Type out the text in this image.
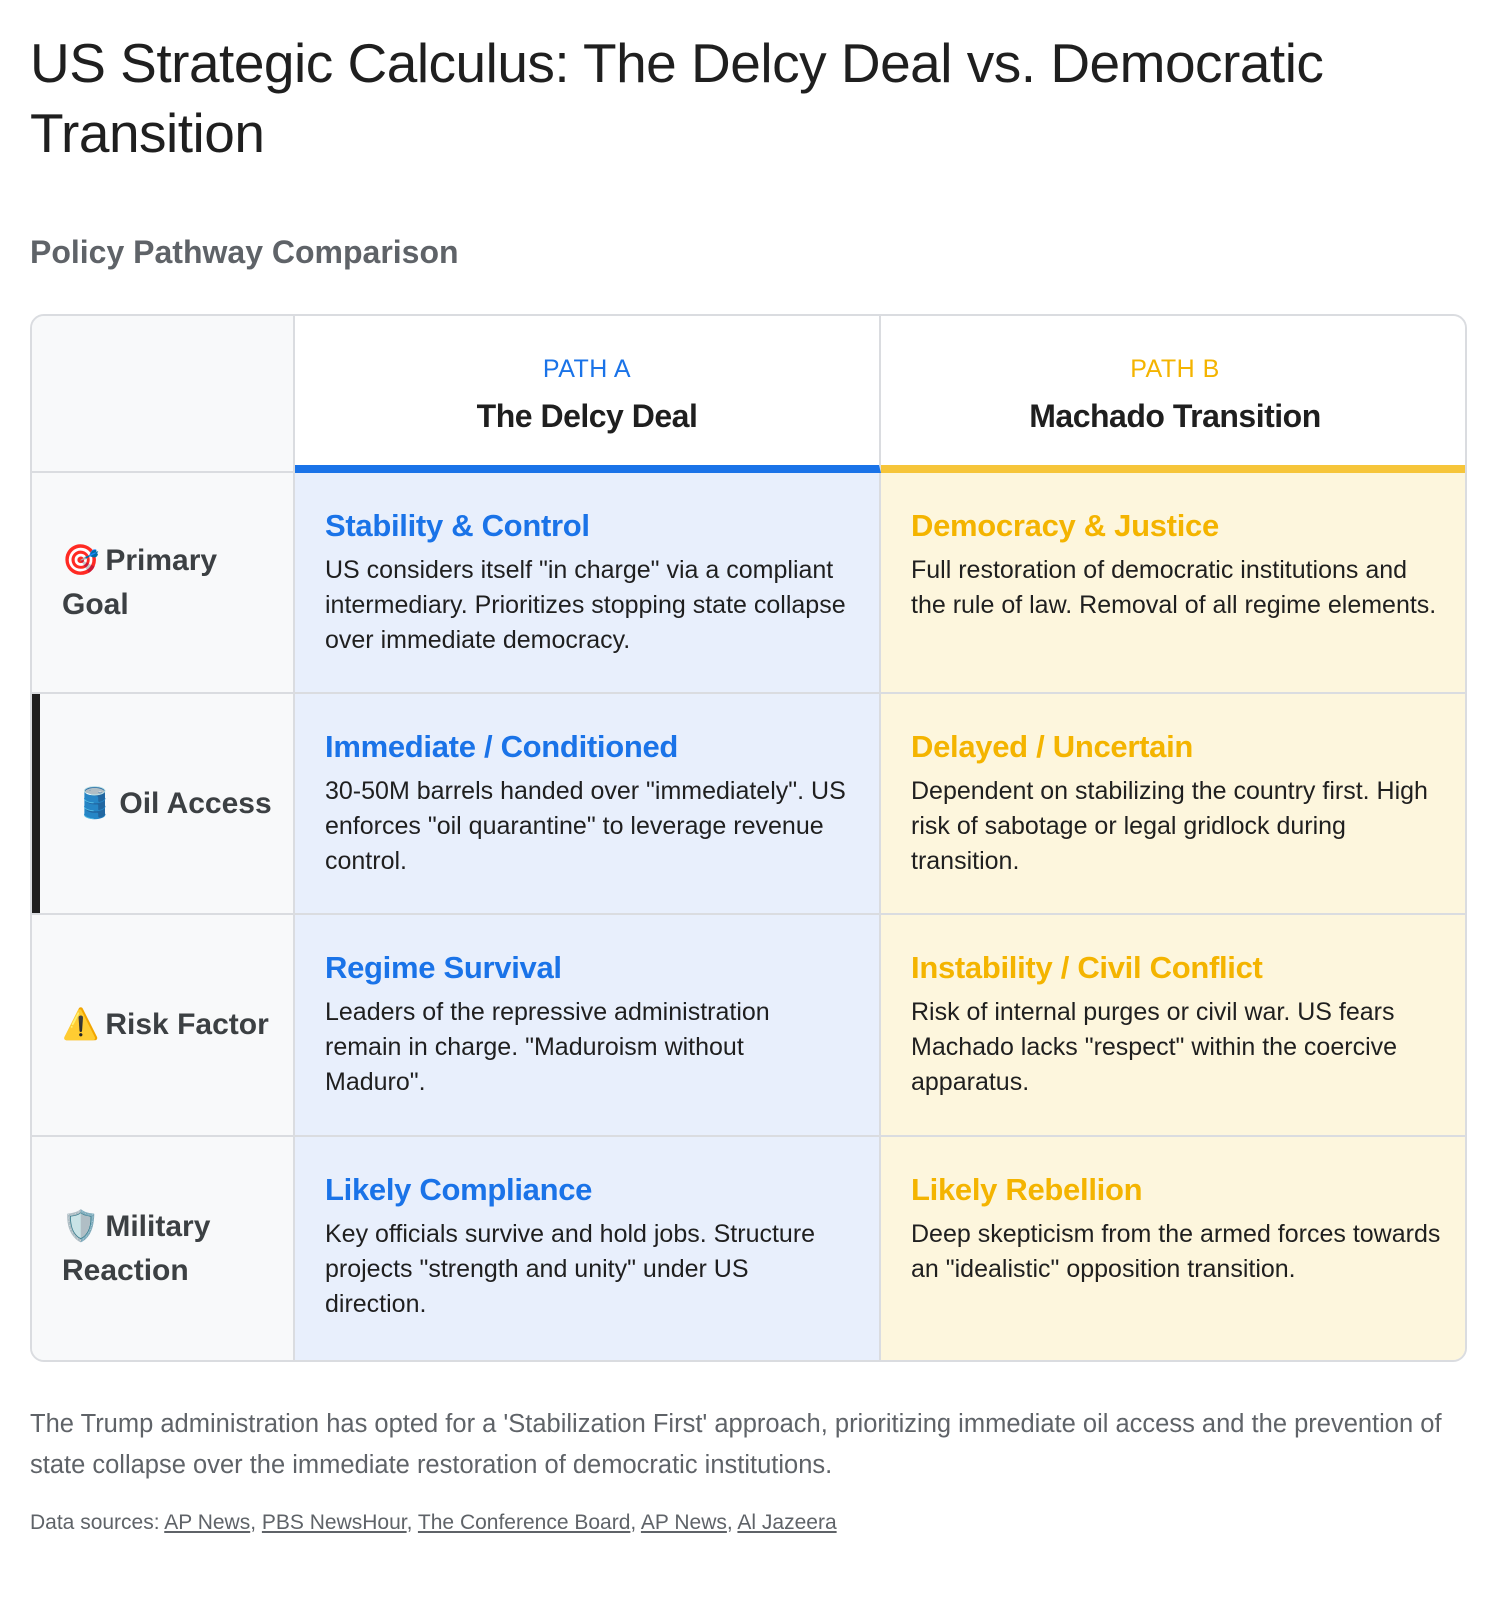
US Strategic Calculus: The Delcy Deal vs. Democratic Transition
Policy Pathway Comparison
PATH A
The Delcy Deal
PATH B
Machado Transition
🎯 Primary Goal
Stability & Control
US considers itself "in charge" via a compliant intermediary. Prioritizes stopping state collapse over immediate democracy.
Democracy & Justice
Full restoration of democratic institutions and the rule of law. Removal of all regime elements.
🛢️ Oil Access
Immediate / Conditioned
30-50M barrels handed over "immediately". US enforces "oil quarantine" to leverage revenue control.
Delayed / Uncertain
Dependent on stabilizing the country first. High risk of sabotage or legal gridlock during transition.
⚠️ Risk Factor
Regime Survival
Leaders of the repressive administration remain in charge. "Maduroism without Maduro".
Instability / Civil Conflict
Risk of internal purges or civil war. US fears Machado lacks "respect" within the coercive apparatus.
🛡️ Military Reaction
Likely Compliance
Key officials survive and hold jobs. Structure projects "strength and unity" under US direction.
Likely Rebellion
Deep skepticism from the armed forces towards an "idealistic" opposition transition.

The Trump administration has opted for a 'Stabilization First' approach, prioritizing immediate oil access and the prevention of state collapse over the immediate restoration of democratic institutions.

Data sources: AP News, PBS NewsHour, The Conference Board, AP News, Al Jazeera
